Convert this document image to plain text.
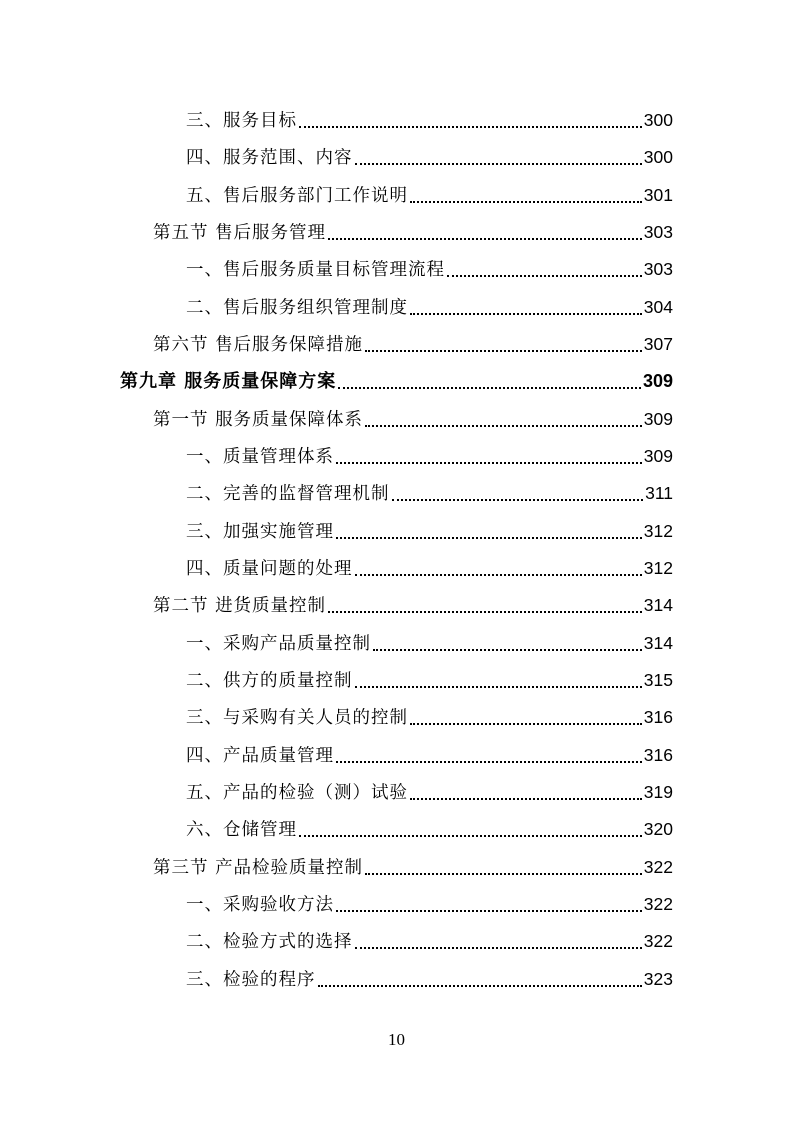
三、服务目标	300
四、服务范围、内容	300
五、售后服务部门工作说明	301
第五节 售后服务管理	303
一、售后服务质量目标管理流程	303
二、售后服务组织管理制度	304
第六节 售后服务保障措施	307
第九章 服务质量保障方案	309
第一节 服务质量保障体系	309
一、质量管理体系	309
二、完善的监督管理机制	311
三、加强实施管理	312
四、质量问题的处理	312
第二节 进货质量控制	314
一、采购产品质量控制	314
二、供方的质量控制	315
三、与采购有关人员的控制	316
四、产品质量管理	316
五、产品的检验（测）试验	319
六、仓储管理	320
第三节 产品检验质量控制	322
一、采购验收方法	322
二、检验方式的选择	322
三、检验的程序	323
10
